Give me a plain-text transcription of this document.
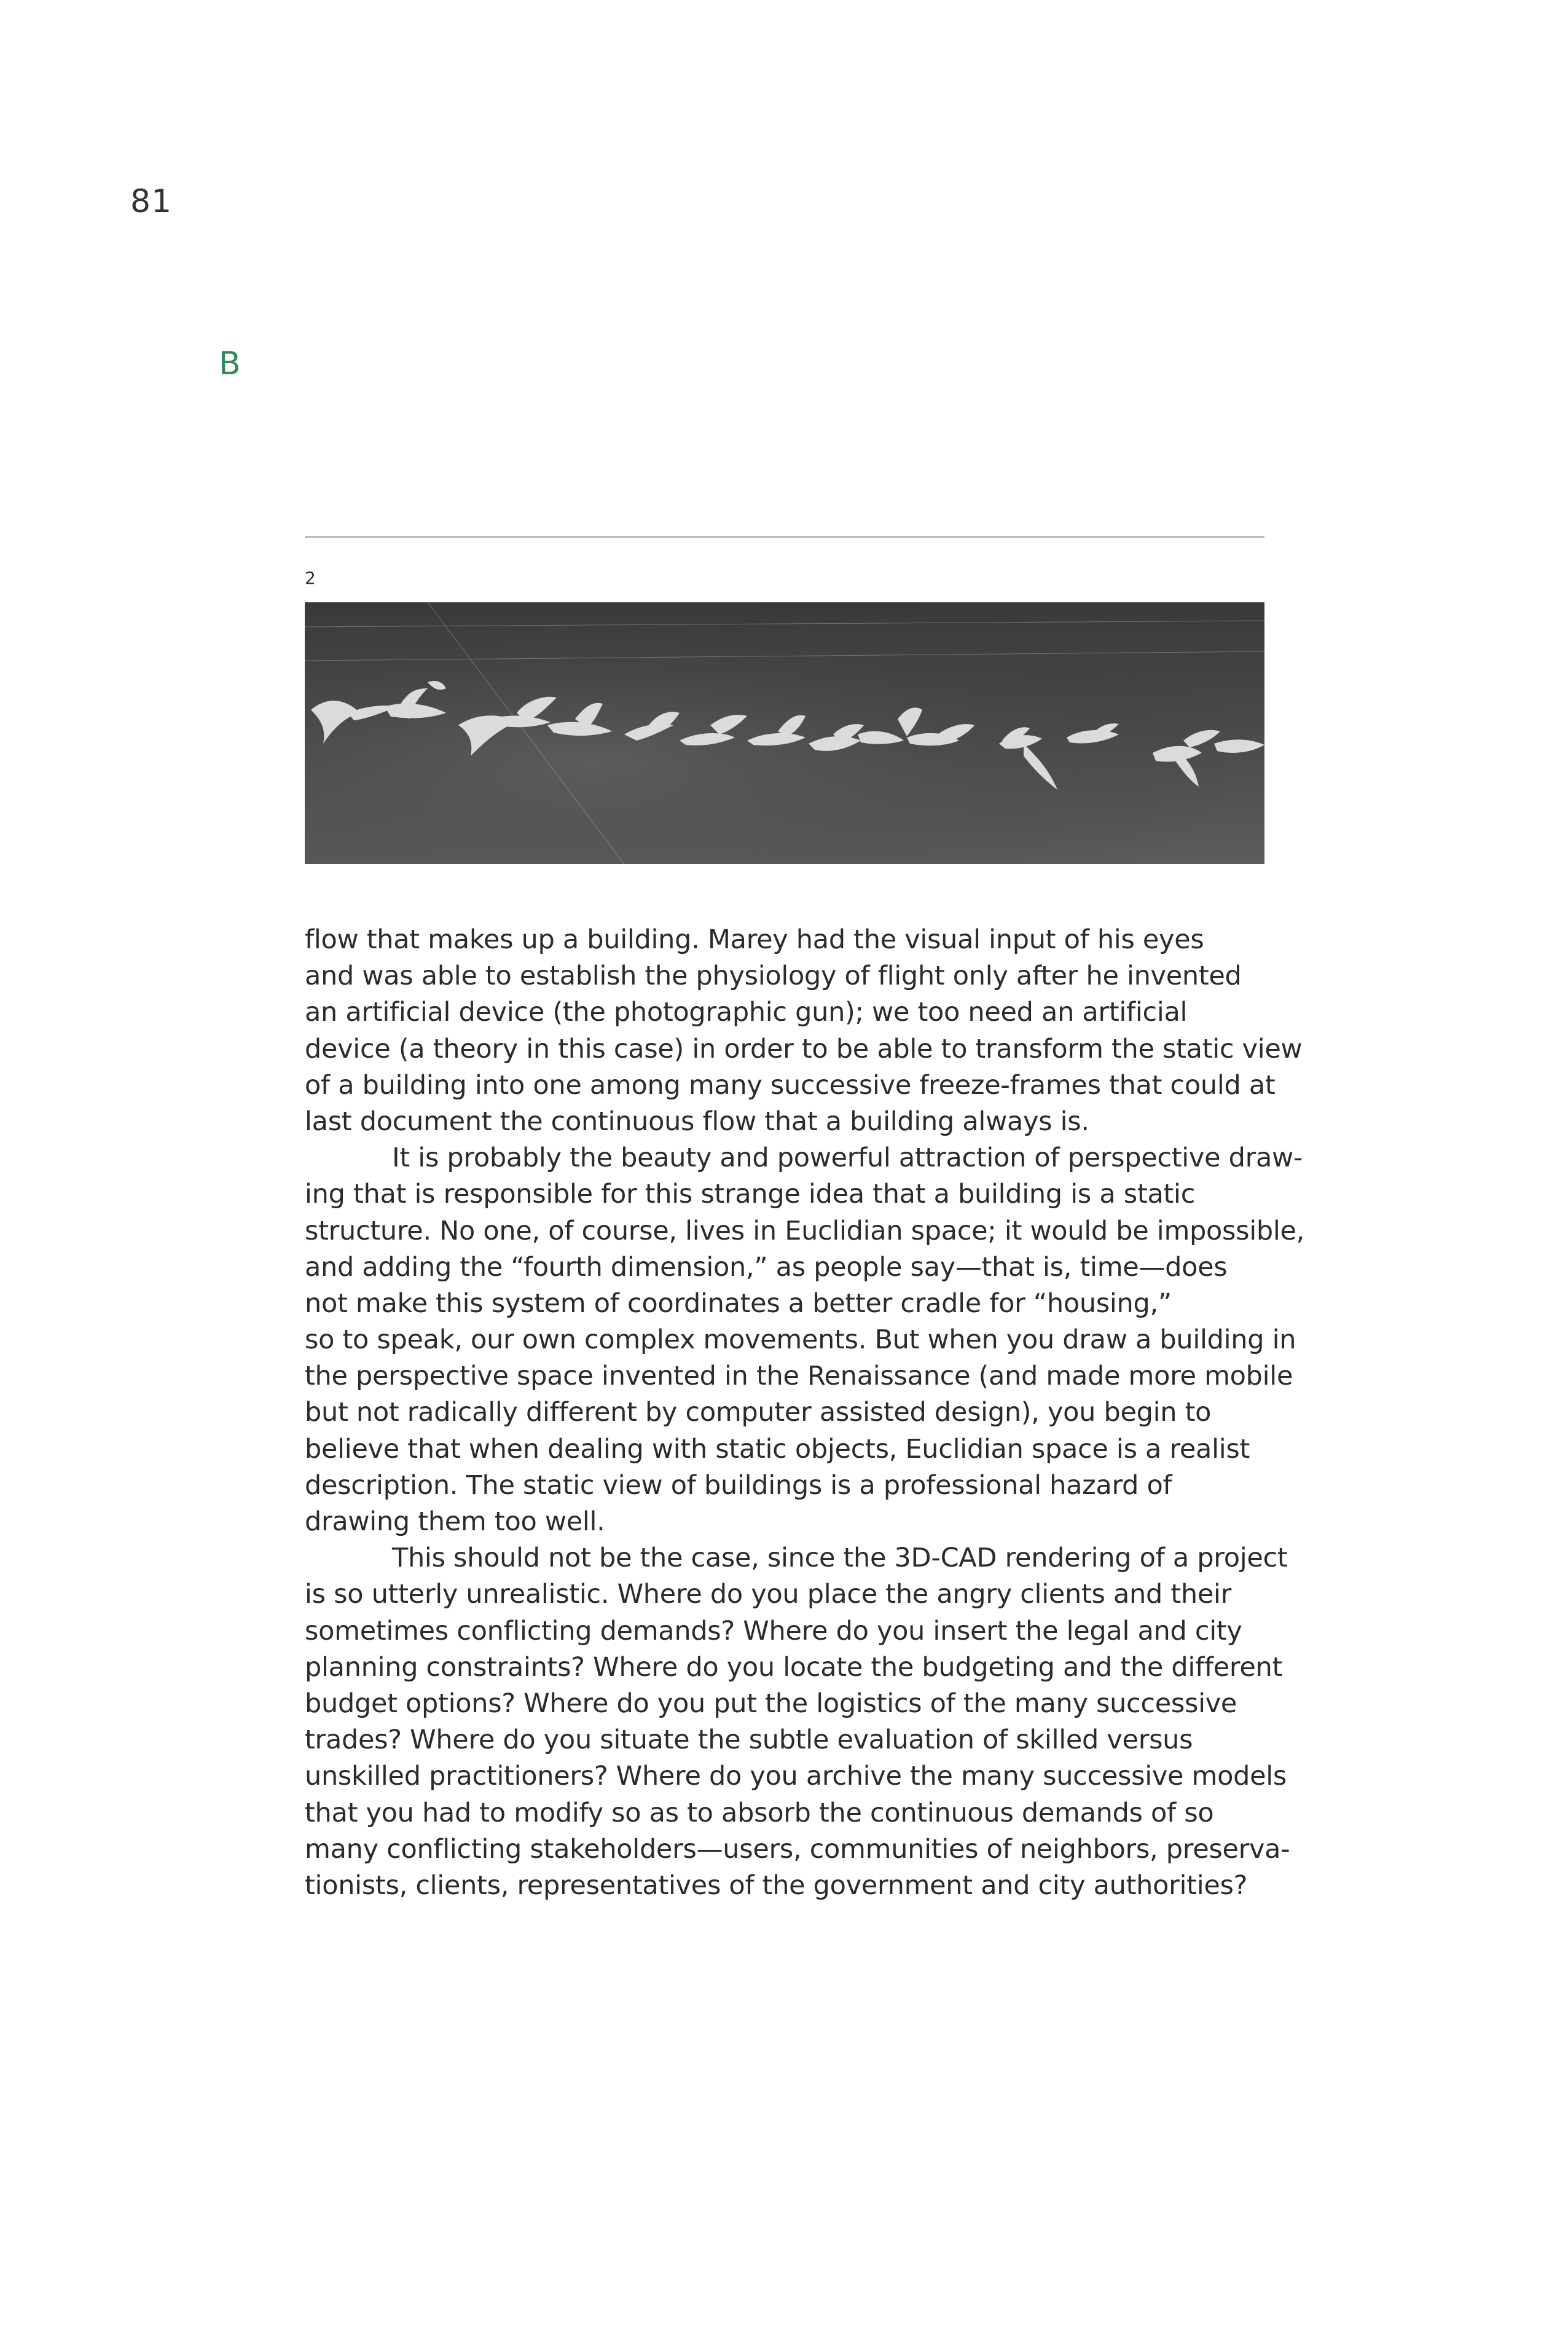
81
B
2
flow that makes up a building. Marey had the visual input of his eyes
and was able to establish the physiology of flight only after he invented
an artificial device (the photographic gun); we too need an artificial
device (a theory in this case) in order to be able to transform the static view
of a building into one among many successive freeze-frames that could at
last document the continuous flow that a building always is.
It is probably the beauty and powerful attraction of perspective draw-
ing that is responsible for this strange idea that a building is a static
structure. No one, of course, lives in Euclidian space; it would be impossible,
and adding the “fourth dimension,” as people say—that is, time—does
not make this system of coordinates a better cradle for “housing,”
so to speak, our own complex movements. But when you draw a building in
the perspective space invented in the Renaissance (and made more mobile
but not radically different by computer assisted design), you begin to
believe that when dealing with static objects, Euclidian space is a realist
description. The static view of buildings is a professional hazard of
drawing them too well.
This should not be the case, since the 3D-CAD rendering of a project
is so utterly unrealistic. Where do you place the angry clients and their
sometimes conflicting demands? Where do you insert the legal and city
planning constraints? Where do you locate the budgeting and the different
budget options? Where do you put the logistics of the many successive
trades? Where do you situate the subtle evaluation of skilled versus
unskilled practitioners? Where do you archive the many successive models
that you had to modify so as to absorb the continuous demands of so
many conflicting stakeholders—users, communities of neighbors, preserva-
tionists, clients, representatives of the government and city authorities?
